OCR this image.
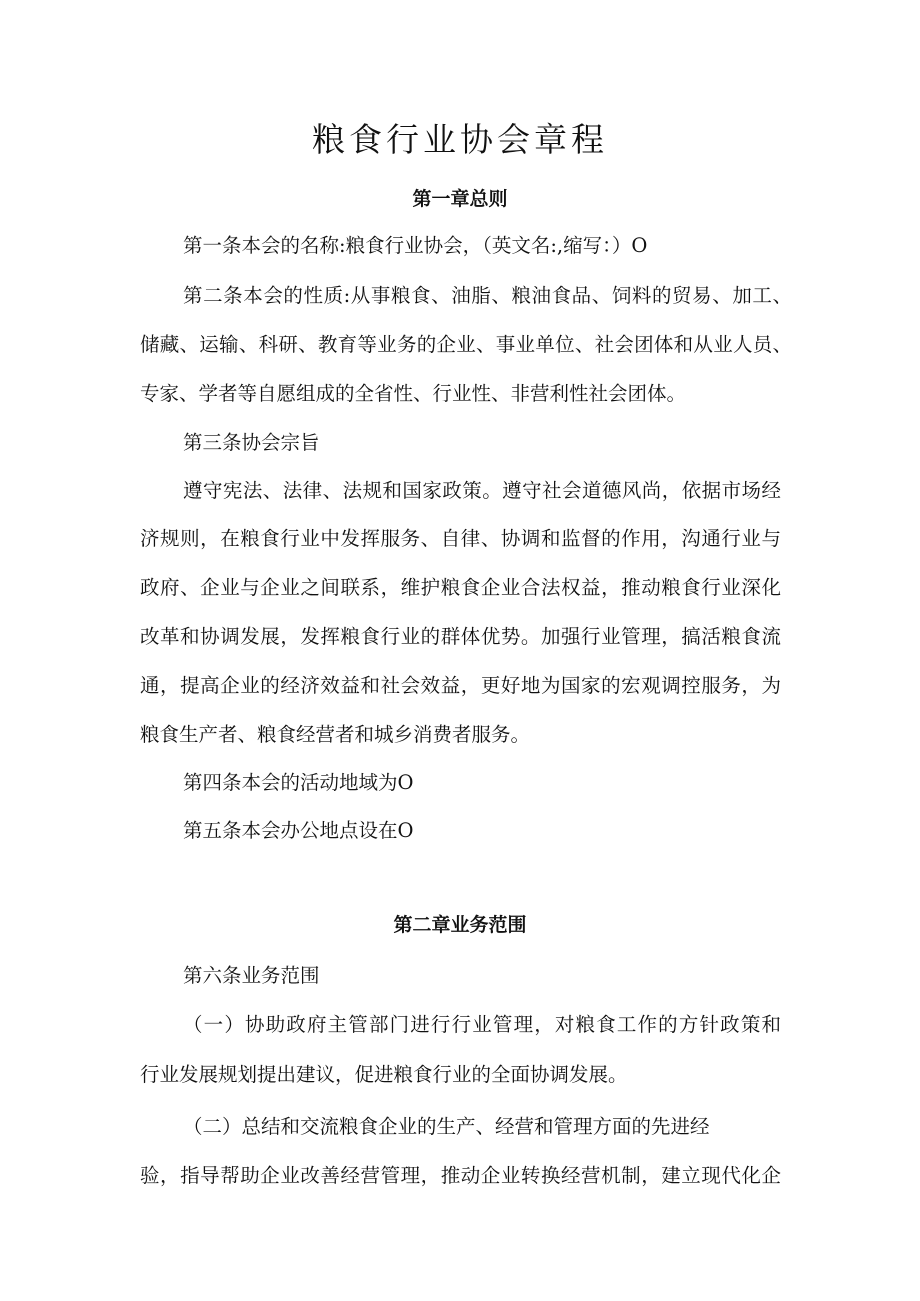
粮食行业协会章程
第一章总则
第一条本会的名称:粮食行业协会，（英文名:,缩写：）O
第二条本会的性质:从事粮食、油脂、粮油食品、饲料的贸易、加工、
储藏、运输、科研、教育等业务的企业、事业单位、社会团体和从业人员、
专家、学者等自愿组成的全省性、行业性、非营利性社会团体。
第三条协会宗旨
遵守宪法、法律、法规和国家政策。遵守社会道德风尚，依据市场经
济规则，在粮食行业中发挥服务、自律、协调和监督的作用，沟通行业与
政府、企业与企业之间联系，维护粮食企业合法权益，推动粮食行业深化
改革和协调发展，发挥粮食行业的群体优势。加强行业管理，搞活粮食流
通，提高企业的经济效益和社会效益，更好地为国家的宏观调控服务，为
粮食生产者、粮食经营者和城乡消费者服务。
第四条本会的活动地域为O
第五条本会办公地点设在O
第二章业务范围
第六条业务范围
（一）协助政府主管部门进行行业管理，对粮食工作的方针政策和
行业发展规划提出建议，促进粮食行业的全面协调发展。
（二）总结和交流粮食企业的生产、经营和管理方面的先进经
验，指导帮助企业改善经营管理，推动企业转换经营机制，建立现代化企
